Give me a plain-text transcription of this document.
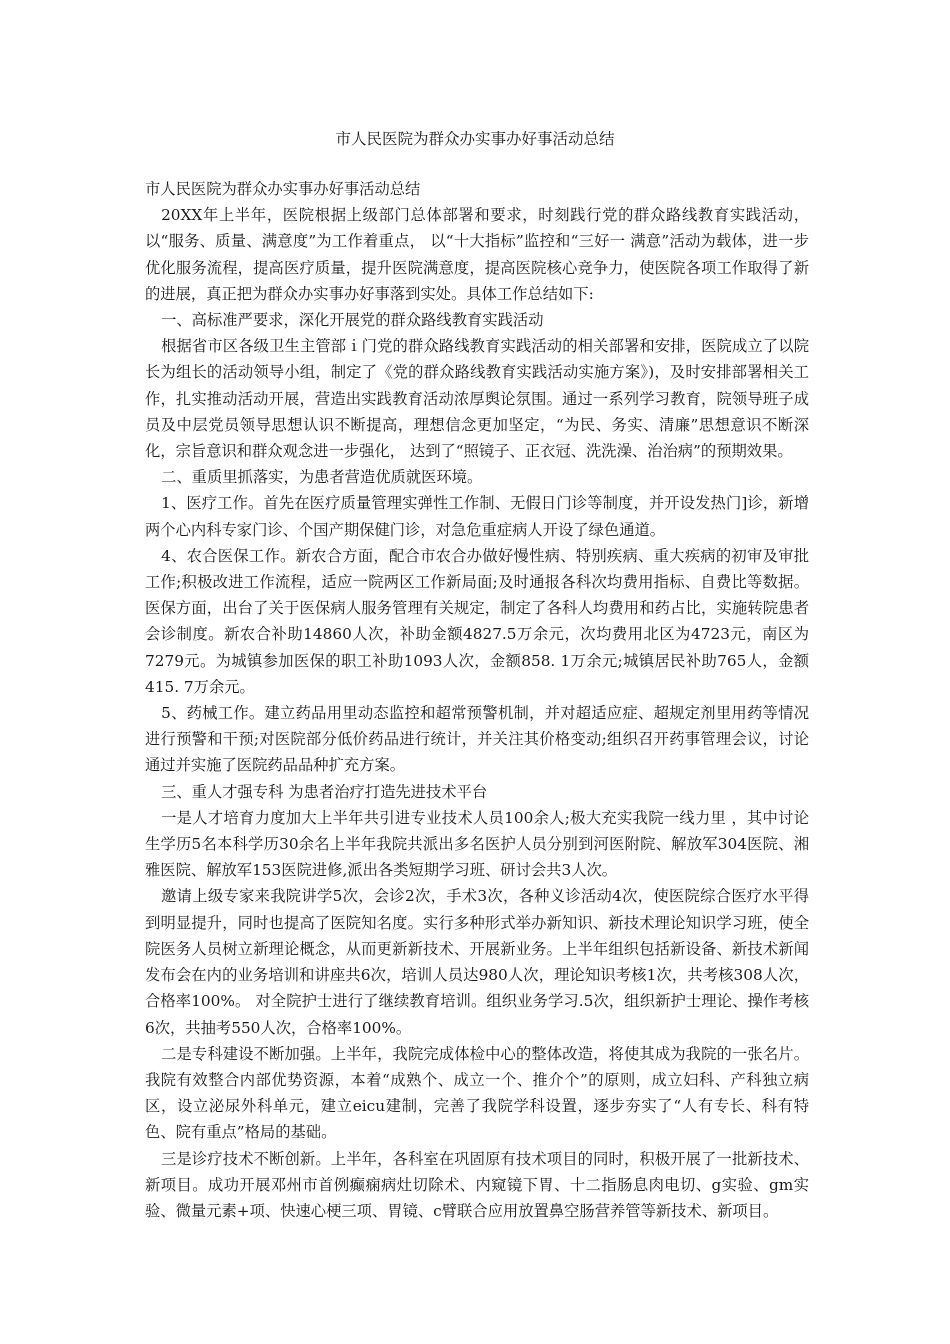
市人民医院为群众办实事办好事活动总结

市人民医院为群众办实事办好事活动总结

20XX年上半年，医院根据上级部门总体部署和要求，时刻践行党的群众路线教育实践活动，以“服务、质量、满意度”为工作着重点， 以“十大指标”监控和“三好一 满意”活动为载体，进一步优化服务流程，提高医疗质量，提升医院满意度，提高医院核心竞争力，使医院各项工作取得了新的进展，真正把为群众办实事办好事落到实处。具体工作总结如下:

一、高标准严要求，深化开展党的群众路线教育实践活动

根据省市区各级卫生主管部ｉ门党的群众路线教育实践活动的相关部署和安排，医院成立了以院长为组长的活动领导小组，制定了《党的群众路线教育实践活动实施方案》)，及时安排部署相关工作，扎实推动活动开展，营造出实践教育活动浓厚舆论氛围。通过一系列学习教育，院领导班子成员及中层党员领导思想认识不断提高，理想信念更加坚定，“为民、务实、清廉”思想意识不断深化，宗旨意识和群众观念进一步强化， 达到了“照镜子、正衣冠、洗洗澡、治治病”的预期效果。

二、重质里抓落实，为患者营造优质就医环境。

1、医疗工作。首先在医疗质量管理实弹性工作制、无假日门诊等制度，并开设发热门]诊，新增两个心内科专家门诊、个国产期保健门诊，对急危重症病人开设了绿色通道。

4、农合医保工作。新农合方面，配合市农合办做好慢性病、特别疾病、重大疾病的初审及审批工作;积极改进工作流程，适应一院两区工作新局面;及时通报各科次均费用指标、自费比等数据。医保方面，出台了关于医保病人服务管理有关规定，制定了各科人均费用和药占比，实施转院患者会诊制度。新农合补助14860人次，补助金额4827.5万余元，次均费用北区为4723元，南区为7279元。为城镇参加医保的职工补助1093人次，金额858. 1万余元;城镇居民补助765人，金额415. 7万余元。

5、药械工作。建立药品用里动态监控和超常预警机制，并对超适应症、超规定剂里用药等情况进行预警和干预;对医院部分低价药品进行统计，并关注其价格变动;组织召开药事管理会议，讨论通过并实施了医院药品品种扩充方案。

三、重人才强专科 为患者治疗打造先进技术平台

一是人才培育力度加大上半年共引进专业技术人员100余人;极大充实我院一线力里 ，其中讨论生学历5名本科学历30余名上半年我院共派出多名医护人员分别到河医附院、解放军304医院、湘雅医院、解放军153医院进修,派出各类短期学习班、研讨会共3人次。

邀请上级专家来我院讲学5次，会诊2次，手术3次，各种义诊活动4次，使医院综合医疗水平得到明显提升，同时也提高了医院知名度。实行多种形式举办新知识、新技术理论知识学习班，使全院医务人员树立新理论概念，从而更新新技术、开展新业务。上半年组织包括新设备、新技术新闻发布会在内的业务培训和讲座共6次，培训人员达980人次，理论知识考核1次，共考核308人次，合格率100%。 对全院护士进行了继续教育培训。组织业务学习.5次，组织新护士理论、操作考核6次，共抽考550人次，合格率100%。

二是专科建设不断加强。上半年，我院完成体检中心的整体改造，将使其成为我院的一张名片。我院有效整合内部优势资源，本着“成熟个、成立一个、推介个”的原则，成立妇科、产科独立病区，设立泌尿外科单元，建立eicu建制，完善了我院学科设置，逐步夯实了“人有专长、科有特色、院有重点”格局的基础。

三是诊疗技术不断创新。上半年，各科室在巩固原有技术项目的同时，积极开展了一批新技术、新项目。成功开展邓州市首例癫痫病灶切除术、内窥镜下胃、十二指肠息肉电切、g实验、gm实验、微量元素+项、快速心梗三项、胃镜、c臂联合应用放置鼻空肠营养管等新技术、新项目。
